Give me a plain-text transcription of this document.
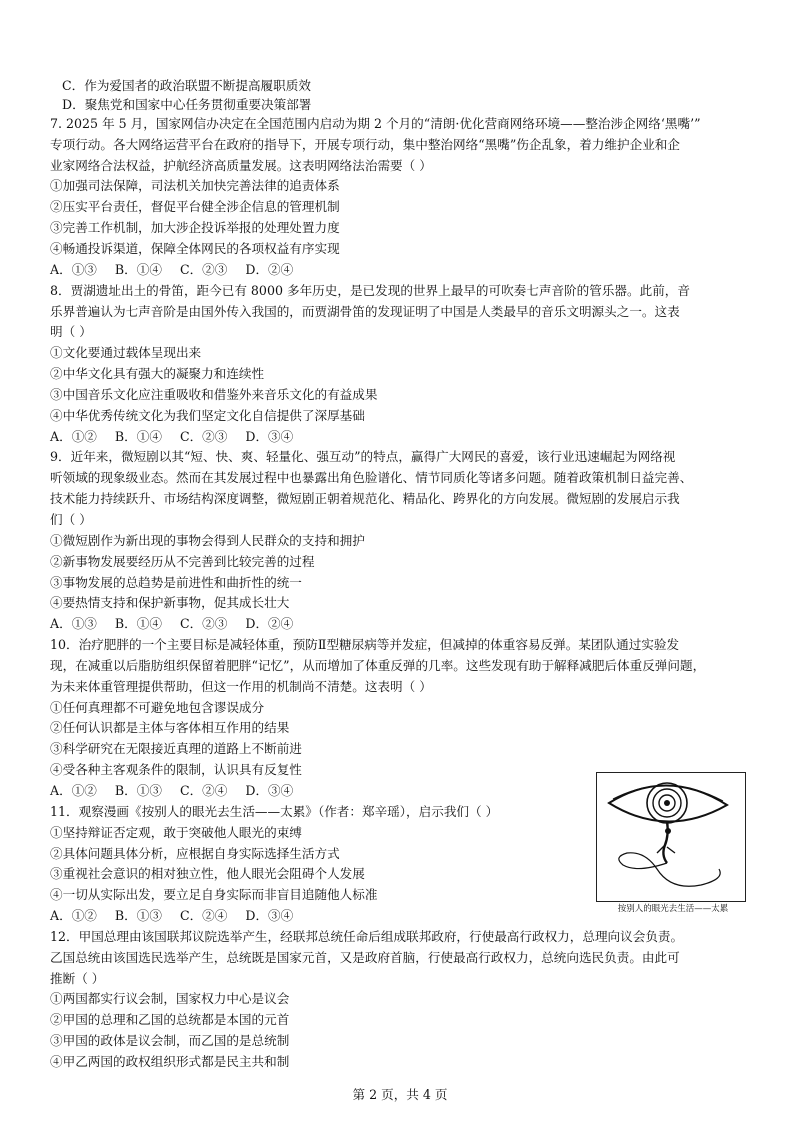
C．作为爱国者的政治联盟不断提高履职质效
D．聚焦党和国家中心任务贯彻重要决策部署
7. 2025 年 5 月，国家网信办决定在全国范围内启动为期 2 个月的“清朗·优化营商网络环境——整治涉企网络‘黑嘴’”
专项行动。各大网络运营平台在政府的指导下，开展专项行动，集中整治网络“黑嘴”伤企乱象，着力维护企业和企
业家网络合法权益，护航经济高质量发展。这表明网络法治需要（ ）
①加强司法保障，司法机关加快完善法律的追责体系
②压实平台责任，督促平台健全涉企信息的管理机制
③完善工作机制，加大涉企投诉举报的处理处置力度
④畅通投诉渠道，保障全体网民的各项权益有序实现
A．①③ B．①④ C．②③ D．②④
8．贾湖遗址出土的骨笛，距今已有 8000 多年历史，是已发现的世界上最早的可吹奏七声音阶的管乐器。此前，音
乐界普遍认为七声音阶是由国外传入我国的，而贾湖骨笛的发现证明了中国是人类最早的音乐文明源头之一。这表
明（ ）
①文化要通过载体呈现出来
②中华文化具有强大的凝聚力和连续性
③中国音乐文化应注重吸收和借鉴外来音乐文化的有益成果
④中华优秀传统文化为我们坚定文化自信提供了深厚基础
A．①② B．①④ C．②③ D．③④
9．近年来，微短剧以其“短、快、爽、轻量化、强互动”的特点，赢得广大网民的喜爱，该行业迅速崛起为网络视
听领域的现象级业态。然而在其发展过程中也暴露出角色脸谱化、情节同质化等诸多问题。随着政策机制日益完善、
技术能力持续跃升、市场结构深度调整，微短剧正朝着规范化、精品化、跨界化的方向发展。微短剧的发展启示我
们（ ）
①微短剧作为新出现的事物会得到人民群众的支持和拥护
②新事物发展要经历从不完善到比较完善的过程
③事物发展的总趋势是前进性和曲折性的统一
④要热情支持和保护新事物，促其成长壮大
A．①③ B．①④ C．②③ D．②④
10．治疗肥胖的一个主要目标是减轻体重，预防Ⅱ型糖尿病等并发症，但减掉的体重容易反弹。某团队通过实验发
现，在减重以后脂肪组织保留着肥胖“记忆”，从而增加了体重反弹的几率。这些发现有助于解释减肥后体重反弹问题，
为未来体重管理提供帮助，但这一作用的机制尚不清楚。这表明（ ）
①任何真理都不可避免地包含谬误成分
②任何认识都是主体与客体相互作用的结果
③科学研究在无限接近真理的道路上不断前进
④受各种主客观条件的限制，认识具有反复性
A．①② B．①③ C．②④ D．③④
11．观察漫画《按别人的眼光去生活——太累》（作者：郑辛瑶），启示我们（ ）
①坚持辩证否定观，敢于突破他人眼光的束缚
②具体问题具体分析，应根据自身实际选择生活方式
③重视社会意识的相对独立性，他人眼光会阻碍个人发展
④一切从实际出发，要立足自身实际而非盲目追随他人标准
A．①② B．①③ C．②④ D．③④	按别人的眼光去生活——太累
12．甲国总理由该国联邦议院选举产生，经联邦总统任命后组成联邦政府，行使最高行政权力，总理向议会负责。
乙国总统由该国选民选举产生，总统既是国家元首，又是政府首脑，行使最高行政权力，总统向选民负责。由此可
推断（ ）
①两国都实行议会制，国家权力中心是议会
②甲国的总理和乙国的总统都是本国的元首
③甲国的政体是议会制，而乙国的是总统制
④甲乙两国的政权组织形式都是民主共和制
第 2 页，共 4 页
